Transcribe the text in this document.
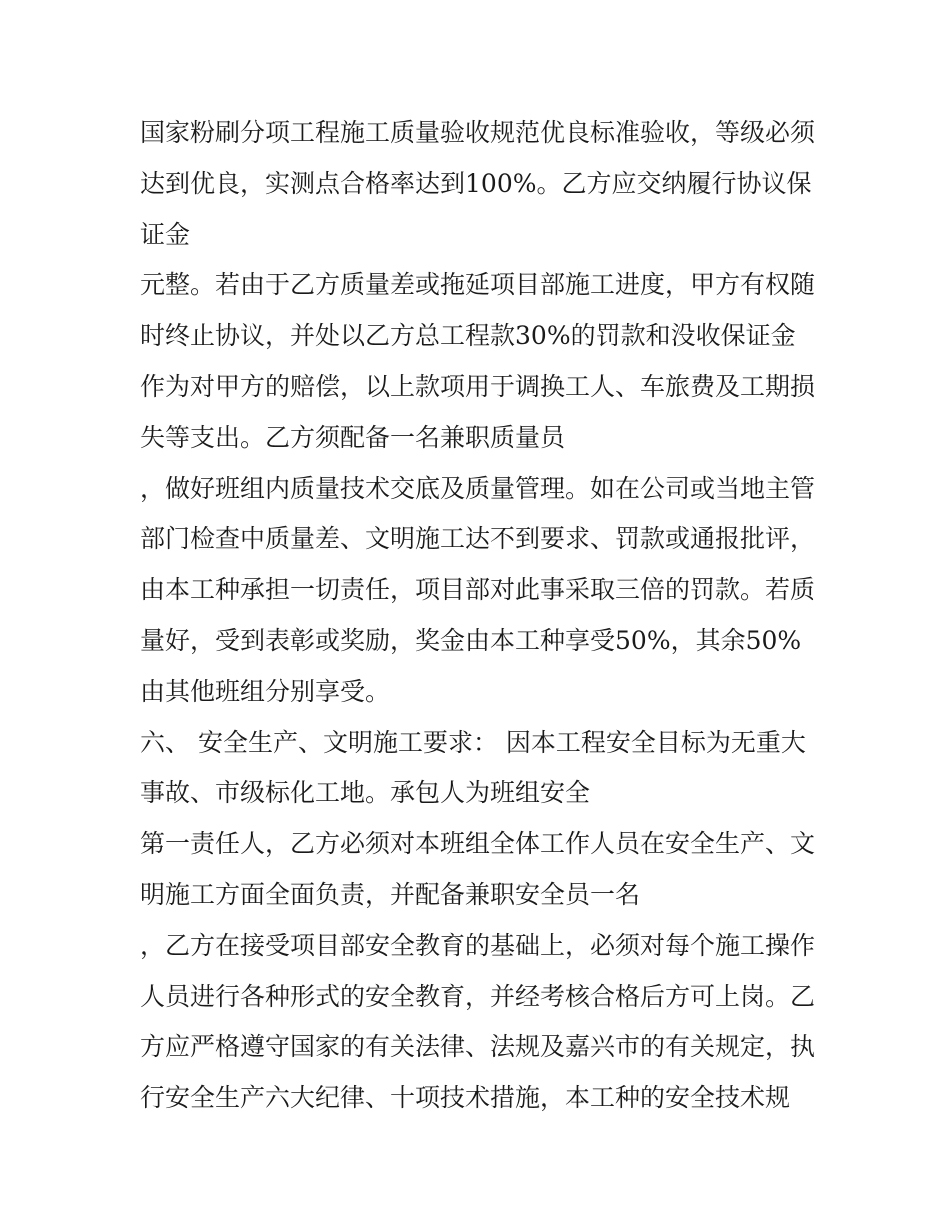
国家粉刷分项工程施工质量验收规范优良标准验收，等级必须
达到优良，实测点合格率达到100%。乙方应交纳履行协议保
证金
元整。若由于乙方质量差或拖延项目部施工进度，甲方有权随
时终止协议，并处以乙方总工程款30%的罚款和没收保证金
作为对甲方的赔偿，以上款项用于调换工人、车旅费及工期损
失等支出。乙方须配备一名兼职质量员
，做好班组内质量技术交底及质量管理。如在公司或当地主管
部门检查中质量差、文明施工达不到要求、罚款或通报批评，
由本工种承担一切责任，项目部对此事采取三倍的罚款。若质
量好，受到表彰或奖励，奖金由本工种享受50%，其余50%
由其他班组分别享受。
六、 安全生产、文明施工要求： 因本工程安全目标为无重大
事故、市级标化工地。承包人为班组安全
第一责任人，乙方必须对本班组全体工作人员在安全生产、文
明施工方面全面负责，并配备兼职安全员一名
，乙方在接受项目部安全教育的基础上，必须对每个施工操作
人员进行各种形式的安全教育，并经考核合格后方可上岗。乙
方应严格遵守国家的有关法律、法规及嘉兴市的有关规定，执
行安全生产六大纪律、十项技术措施，本工种的安全技术规
